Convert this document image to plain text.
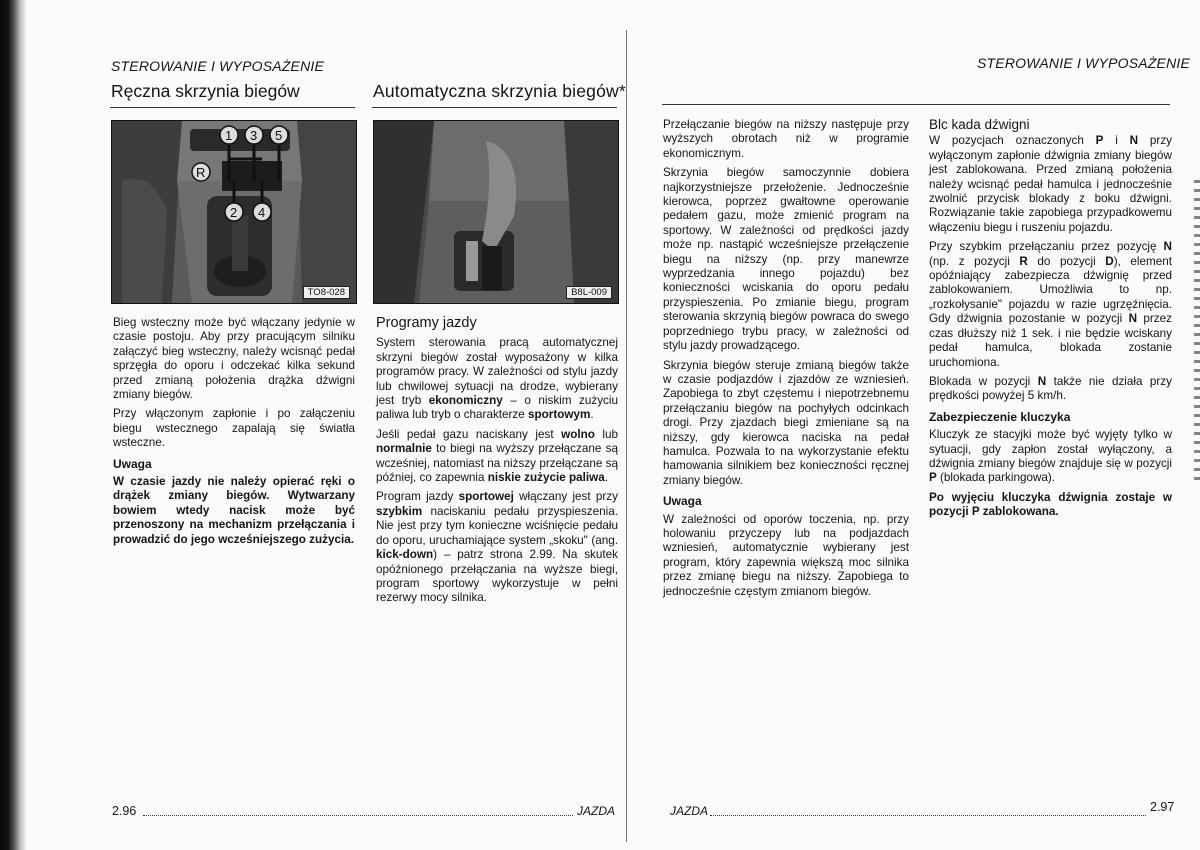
STEROWANIE I WYPOSAŻENIE
Ręczna skrzynia biegów	Automatyczna skrzynia biegów*
1 3 5
R
2 4
TO8-028	B8L-009

Bieg wsteczny może być włączany jedynie w czasie postoju. Aby przy pracującym silniku załączyć bieg wsteczny, należy wcisnąć pedał sprzęgła do oporu i odczekać kilka sekund przed zmianą położenia drążka dźwigni zmiany biegów.

Przy włączonym zapłonie i po załączeniu biegu wstecznego zapalają się światła wsteczne.

Uwaga

W czasie jazdy nie należy opierać ręki o drążek zmiany biegów. Wytwarzany bowiem wtedy nacisk może być przenoszony na mechanizm przełączania i prowadzić do jego wcześniejszego zużycia.

Programy jazdy

System sterowania pracą automatycznej skrzyni biegów został wyposażony w kilka programów pracy. W zależności od stylu jazdy lub chwilowej sytuacji na drodze, wybierany jest tryb ekonomiczny – o niskim zużyciu paliwa lub tryb o charakterze sportowym.

Jeśli pedał gazu naciskany jest wolno lub normalnie to biegi na wyższy przełączane są wcześniej, natomiast na niższy przełączane są później, co zapewnia niskie zużycie paliwa.

Program jazdy sportowej włączany jest przy szybkim naciskaniu pedału przyspieszenia. Nie jest przy tym konieczne wciśnięcie pedału do oporu, uruchamiające system „skoku" (ang. kick-down) – patrz strona 2.99. Na skutek opóźnionego przełączania na wyższe biegi, program sportowy wykorzystuje w pełni rezerwy mocy silnika.

2.96	JAZDA
STEROWANIE I WYPOSAŻENIE

Przełączanie biegów na niższy następuje przy wyższych obrotach niż w programie ekonomicznym.

Skrzynia biegów samoczynnie dobiera najkorzystniejsze przełożenie. Jednocześnie kierowca, poprzez gwałtowne operowanie pedałem gazu, może zmienić program na sportowy. W zależności od prędkości jazdy może np. nastąpić wcześniejsze przełączenie biegu na niższy (np. przy manewrze wyprzedzania innego pojazdu) bez konieczności wciskania do oporu pedału przyspieszenia. Po zmianie biegu, program sterowania skrzynią biegów powraca do swego poprzedniego trybu pracy, w zależności od stylu jazdy prowadzącego.

Skrzynia biegów steruje zmianą biegów także w czasie podjazdów i zjazdów ze wzniesień. Zapobiega to zbyt częstemu i niepotrzebnemu przełączaniu biegów na pochyłych odcinkach drogi. Przy zjazdach biegi zmieniane są na niższy, gdy kierowca naciska na pedał hamulca. Pozwala to na wykorzystanie efektu hamowania silnikiem bez konieczności ręcznej zmiany biegów.

Uwaga

W zależności od oporów toczenia, np. przy holowaniu przyczepy lub na podjazdach wzniesień, automatycznie wybierany jest program, który zapewnia większą moc silnika przez zmianę biegu na niższy. Zapobiega to jednocześnie częstym zmianom biegów.

Blc kada dźwigni

W pozycjach oznaczonych P i N przy wyłączonym zapłonie dźwignia zmiany biegów jest zablokowana. Przed zmianą położenia należy wcisnąć pedał hamulca i jednocześnie zwolnić przycisk blokady z boku dźwigni. Rozwiązanie takie zapobiega przypadkowemu włączeniu biegu i ruszeniu pojazdu.

Przy szybkim przełączaniu przez pozycję N (np. z pozycji R do pozycji D), element opóźniający zabezpiecza dźwignię przed zablokowaniem. Umożliwia to np. „rozkołysanie" pojazdu w razie ugrzęźnięcia. Gdy dźwignia pozostanie w pozycji N przez czas dłuższy niż 1 sek. i nie będzie wciskany pedał hamulca, blokada zostanie uruchomiona.

Blokada w pozycji N także nie działa przy prędkości powyżej 5 km/h.

Zabezpieczenie kluczyka

Kluczyk ze stacyjki może być wyjęty tylko w sytuacji, gdy zapłon został wyłączony, a dźwignia zmiany biegów znajduje się w pozycji P (blokada parkingowa).

Po wyjęciu kluczyka dźwignia zostaje w pozycji P zablokowana.

JAZDA	2.97
